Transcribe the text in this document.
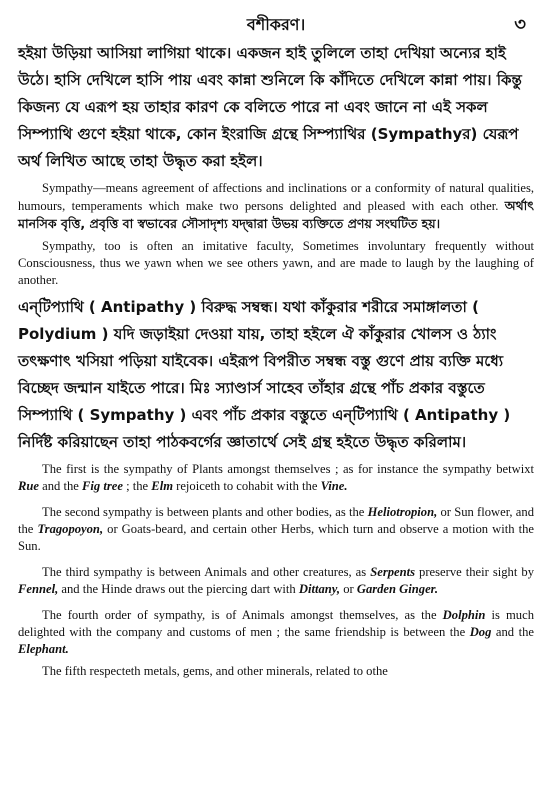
বশীকরণ।	৩

হইয়া উড়িয়া আসিয়া লাগিয়া থাকে। একজন হাই তুলিলে তাহা দেখিয়া অন্যের হাই উঠে। হাসি দেখিলে হাসি পায় এবং কান্না শুনিলে কি কাঁদিতে দেখিলে কান্না পায়। কিন্তু কিজন্য যে এরূপ হয় তাহার কারণ কে বলিতে পারে না এবং জানে না এই সকল সিম্প্যাথি গুণে হইয়া থাকে, কোন ইংরাজি গ্রন্থে সিম্প্যাথির (Sympathyর) যেরূপ অর্থ লিখিত আছে তাহা উদ্ধৃত করা হইল।

Sympathy—means agreement of affections and inclinations or a conformity of natural qualities, humours, temperaments which make two persons delighted and pleased with each other. অর্থাৎ মানসিক বৃত্তি, প্রবৃত্তি বা স্বভাবের সৌসাদৃশ্য যদ্দ্বারা উভয় ব্যক্তিতে প্রণয় সংঘটিত হয়।

Sympathy, too is often an imitative faculty, Sometimes involuntary frequently without Consciousness, thus we yawn when we see others yawn, and are made to laugh by the laughing of another.

এন্‌টিপ্যাথি ( Antipathy ) বিরুদ্ধ সম্বন্ধ। যথা কাঁকুরার শরীরে সমাঙ্গালতা ( Polydium ) যদি জড়াইয়া দেওয়া যায়, তাহা হইলে ঐ কাঁকুরার খোলস ও ঠ্যাং তৎক্ষণাৎ খসিয়া পড়িয়া যাইবেক। এইরূপ বিপরীত সম্বন্ধ বস্তু গুণে প্রায় ব্যক্তি মধ্যে বিচ্ছেদ জন্মান যাইতে পারে। মিঃ স্যাণ্ডার্স সাহেব তাঁহার গ্রন্থে পাঁচ প্রকার বস্তুতে সিম্প্যাথি ( Sympathy ) এবং পাঁচ প্রকার বস্তুতে এন্‌টিপ্যাথি ( Antipathy ) নির্দিষ্ট করিয়াছেন তাহা পাঠকবর্গের জ্ঞাতার্থে সেই গ্রন্থ হইতে উদ্ধৃত করিলাম।

The first is the sympathy of Plants amongst themselves ; as for instance the sympathy betwixt Rue and the Fig tree ; the Elm rejoiceth to cohabit with the Vine.

The second sympathy is between plants and other bodies, as the Heliotropion, or Sun flower, and the Tragopoyon, or Goats-beard, and certain other Herbs, which turn and observe a motion with the Sun.

The third sympathy is between Animals and other creatures, as Serpents preserve their sight by Fennel, and the Hinde draws out the piercing dart with Dittany, or Garden Ginger.

The fourth order of sympathy, is of Animals amongst themselves, as the Dolphin is much delighted with the company and customs of men ; the same friendship is between the Dog and the Elephant.

The fifth respecteth metals, gems, and other minerals, related to othe
